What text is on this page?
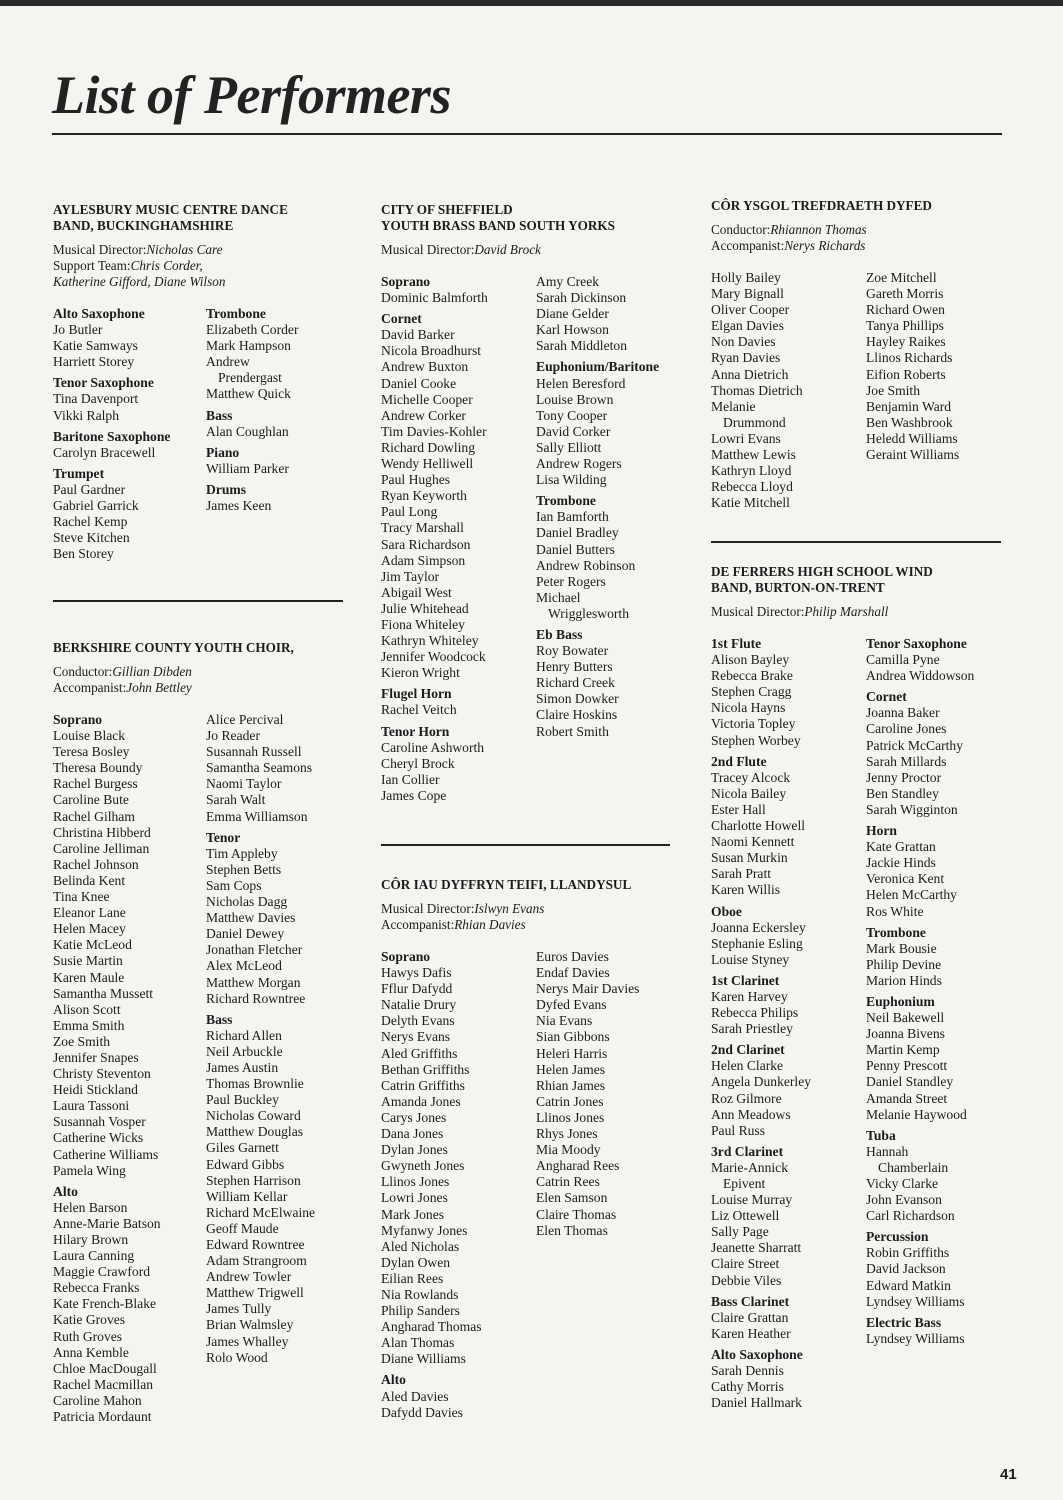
List of Performers
AYLESBURY MUSIC CENTRE DANCE
BAND, BUCKINGHAMSHIRE
Musical Director:Nicholas Care
Support Team:Chris Corder,
Katherine Gifford, Diane Wilson
Alto Saxophone
Jo Butler
Katie Samways
Harriett Storey
Tenor Saxophone
Tina Davenport
Vikki Ralph
Baritone Saxophone
Carolyn Bracewell
Trumpet
Paul Gardner
Gabriel Garrick
Rachel Kemp
Steve Kitchen
Ben Storey
Trombone
Elizabeth Corder
Mark Hampson
Andrew
Prendergast
Matthew Quick
Bass
Alan Coughlan
Piano
William Parker
Drums
James Keen
BERKSHIRE COUNTY YOUTH CHOIR,
Conductor:Gillian Dibden
Accompanist:John Bettley
Soprano
Louise Black
Teresa Bosley
Theresa Boundy
Rachel Burgess
Caroline Bute
Rachel Gilham
Christina Hibberd
Caroline Jelliman
Rachel Johnson
Belinda Kent
Tina Knee
Eleanor Lane
Helen Macey
Katie McLeod
Susie Martin
Karen Maule
Samantha Mussett
Alison Scott
Emma Smith
Zoe Smith
Jennifer Snapes
Christy Steventon
Heidi Stickland
Laura Tassoni
Susannah Vosper
Catherine Wicks
Catherine Williams
Pamela Wing
Alto
Helen Barson
Anne-Marie Batson
Hilary Brown
Laura Canning
Maggie Crawford
Rebecca Franks
Kate French-Blake
Katie Groves
Ruth Groves
Anna Kemble
Chloe MacDougall
Rachel Macmillan
Caroline Mahon
Patricia Mordaunt
Alice Percival
Jo Reader
Susannah Russell
Samantha Seamons
Naomi Taylor
Sarah Walt
Emma Williamson
Tenor
Tim Appleby
Stephen Betts
Sam Cops
Nicholas Dagg
Matthew Davies
Daniel Dewey
Jonathan Fletcher
Alex McLeod
Matthew Morgan
Richard Rowntree
Bass
Richard Allen
Neil Arbuckle
James Austin
Thomas Brownlie
Paul Buckley
Nicholas Coward
Matthew Douglas
Giles Garnett
Edward Gibbs
Stephen Harrison
William Kellar
Richard McElwaine
Geoff Maude
Edward Rowntree
Adam Strangroom
Andrew Towler
Matthew Trigwell
James Tully
Brian Walmsley
James Whalley
Rolo Wood
CITY OF SHEFFIELD
YOUTH BRASS BAND SOUTH YORKS
Musical Director:David Brock
Soprano
Dominic Balmforth
Cornet
David Barker
Nicola Broadhurst
Andrew Buxton
Daniel Cooke
Michelle Cooper
Andrew Corker
Tim Davies-Kohler
Richard Dowling
Wendy Helliwell
Paul Hughes
Ryan Keyworth
Paul Long
Tracy Marshall
Sara Richardson
Adam Simpson
Jim Taylor
Abigail West
Julie Whitehead
Fiona Whiteley
Kathryn Whiteley
Jennifer Woodcock
Kieron Wright
Flugel Horn
Rachel Veitch
Tenor Horn
Caroline Ashworth
Cheryl Brock
Ian Collier
James Cope
Amy Creek
Sarah Dickinson
Diane Gelder
Karl Howson
Sarah Middleton
Euphonium/Baritone
Helen Beresford
Louise Brown
Tony Cooper
David Corker
Sally Elliott
Andrew Rogers
Lisa Wilding
Trombone
Ian Bamforth
Daniel Bradley
Daniel Butters
Andrew Robinson
Peter Rogers
Michael
Wrigglesworth
Eb Bass
Roy Bowater
Henry Butters
Richard Creek
Simon Dowker
Claire Hoskins
Robert Smith
CÔR IAU DYFFRYN TEIFI, LLANDYSUL
Musical Director:Islwyn Evans
Accompanist:Rhian Davies
Soprano
Hawys Dafis
Fflur Dafydd
Natalie Drury
Delyth Evans
Nerys Evans
Aled Griffiths
Bethan Griffiths
Catrin Griffiths
Amanda Jones
Carys Jones
Dana Jones
Dylan Jones
Gwyneth Jones
Llinos Jones
Lowri Jones
Mark Jones
Myfanwy Jones
Aled Nicholas
Dylan Owen
Eilian Rees
Nia Rowlands
Philip Sanders
Angharad Thomas
Alan Thomas
Diane Williams
Alto
Aled Davies
Dafydd Davies
Euros Davies
Endaf Davies
Nerys Mair Davies
Dyfed Evans
Nia Evans
Sian Gibbons
Heleri Harris
Helen James
Rhian James
Catrin Jones
Llinos Jones
Rhys Jones
Mia Moody
Angharad Rees
Catrin Rees
Elen Samson
Claire Thomas
Elen Thomas
CÔR YSGOL TREFDRAETH DYFED
Conductor:Rhiannon Thomas
Accompanist:Nerys Richards
Holly Bailey
Mary Bignall
Oliver Cooper
Elgan Davies
Non Davies
Ryan Davies
Anna Dietrich
Thomas Dietrich
Melanie
Drummond
Lowri Evans
Matthew Lewis
Kathryn Lloyd
Rebecca Lloyd
Katie Mitchell
Zoe Mitchell
Gareth Morris
Richard Owen
Tanya Phillips
Hayley Raikes
Llinos Richards
Eifion Roberts
Joe Smith
Benjamin Ward
Ben Washbrook
Heledd Williams
Geraint Williams
DE FERRERS HIGH SCHOOL WIND
BAND, BURTON-ON-TRENT
Musical Director:Philip Marshall
1st Flute
Alison Bayley
Rebecca Brake
Stephen Cragg
Nicola Hayns
Victoria Topley
Stephen Worbey
2nd Flute
Tracey Alcock
Nicola Bailey
Ester Hall
Charlotte Howell
Naomi Kennett
Susan Murkin
Sarah Pratt
Karen Willis
Oboe
Joanna Eckersley
Stephanie Esling
Louise Styney
1st Clarinet
Karen Harvey
Rebecca Philips
Sarah Priestley
2nd Clarinet
Helen Clarke
Angela Dunkerley
Roz Gilmore
Ann Meadows
Paul Russ
3rd Clarinet
Marie-Annick
Epivent
Louise Murray
Liz Ottewell
Sally Page
Jeanette Sharratt
Claire Street
Debbie Viles
Bass Clarinet
Claire Grattan
Karen Heather
Alto Saxophone
Sarah Dennis
Cathy Morris
Daniel Hallmark
Tenor Saxophone
Camilla Pyne
Andrea Widdowson
Cornet
Joanna Baker
Caroline Jones
Patrick McCarthy
Sarah Millards
Jenny Proctor
Ben Standley
Sarah Wigginton
Horn
Kate Grattan
Jackie Hinds
Veronica Kent
Helen McCarthy
Ros White
Trombone
Mark Bousie
Philip Devine
Marion Hinds
Euphonium
Neil Bakewell
Joanna Bivens
Martin Kemp
Penny Prescott
Daniel Standley
Amanda Street
Melanie Haywood
Tuba
Hannah
Chamberlain
Vicky Clarke
John Evanson
Carl Richardson
Percussion
Robin Griffiths
David Jackson
Edward Matkin
Lyndsey Williams
Electric Bass
Lyndsey Williams
41
